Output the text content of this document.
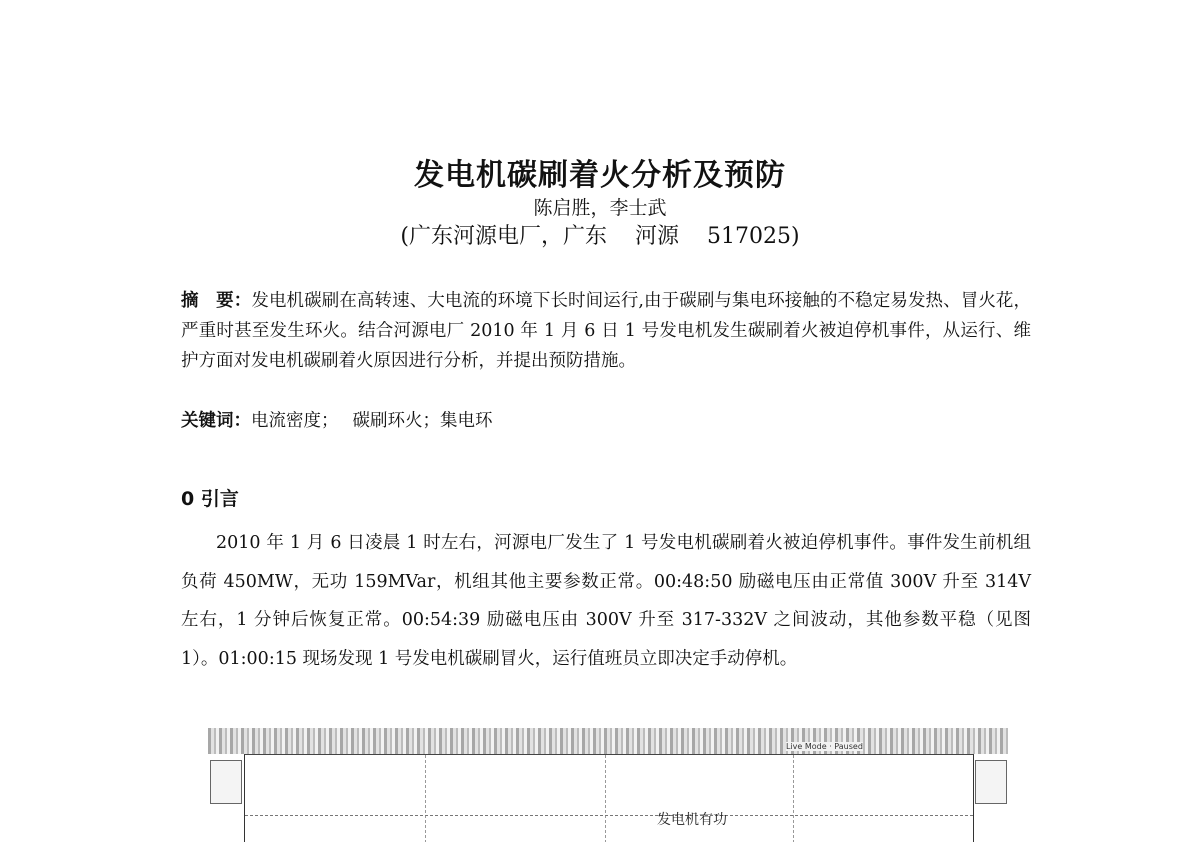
发电机碳刷着火分析及预防
陈启胜，李士武
(广东河源电厂，广东 河源 517025)
摘　要：发电机碳刷在高转速、大电流的环境下长时间运行,由于碳刷与集电环接触的不稳定易发热、冒火花，严重时甚至发生环火。结合河源电厂 2010 年 1 月 6 日 1 号发电机发生碳刷着火被迫停机事件，从运行、维护方面对发电机碳刷着火原因进行分析，并提出预防措施。
关键词：电流密度； 碳刷环火；集电环
0 引言
2010 年 1 月 6 日凌晨 1 时左右，河源电厂发生了 1 号发电机碳刷着火被迫停机事件。事件发生前机组负荷 450MW，无功 159MVar，机组其他主要参数正常。00:48:50 励磁电压由正常值 300V 升至 314V 左右，1 分钟后恢复正常。00:54:39 励磁电压由 300V 升至 317-332V 之间波动，其他参数平稳（见图 1）。01:00:15 现场发现 1 号发电机碳刷冒火，运行值班员立即决定手动停机。
Live Mode · Paused
发电机有功
